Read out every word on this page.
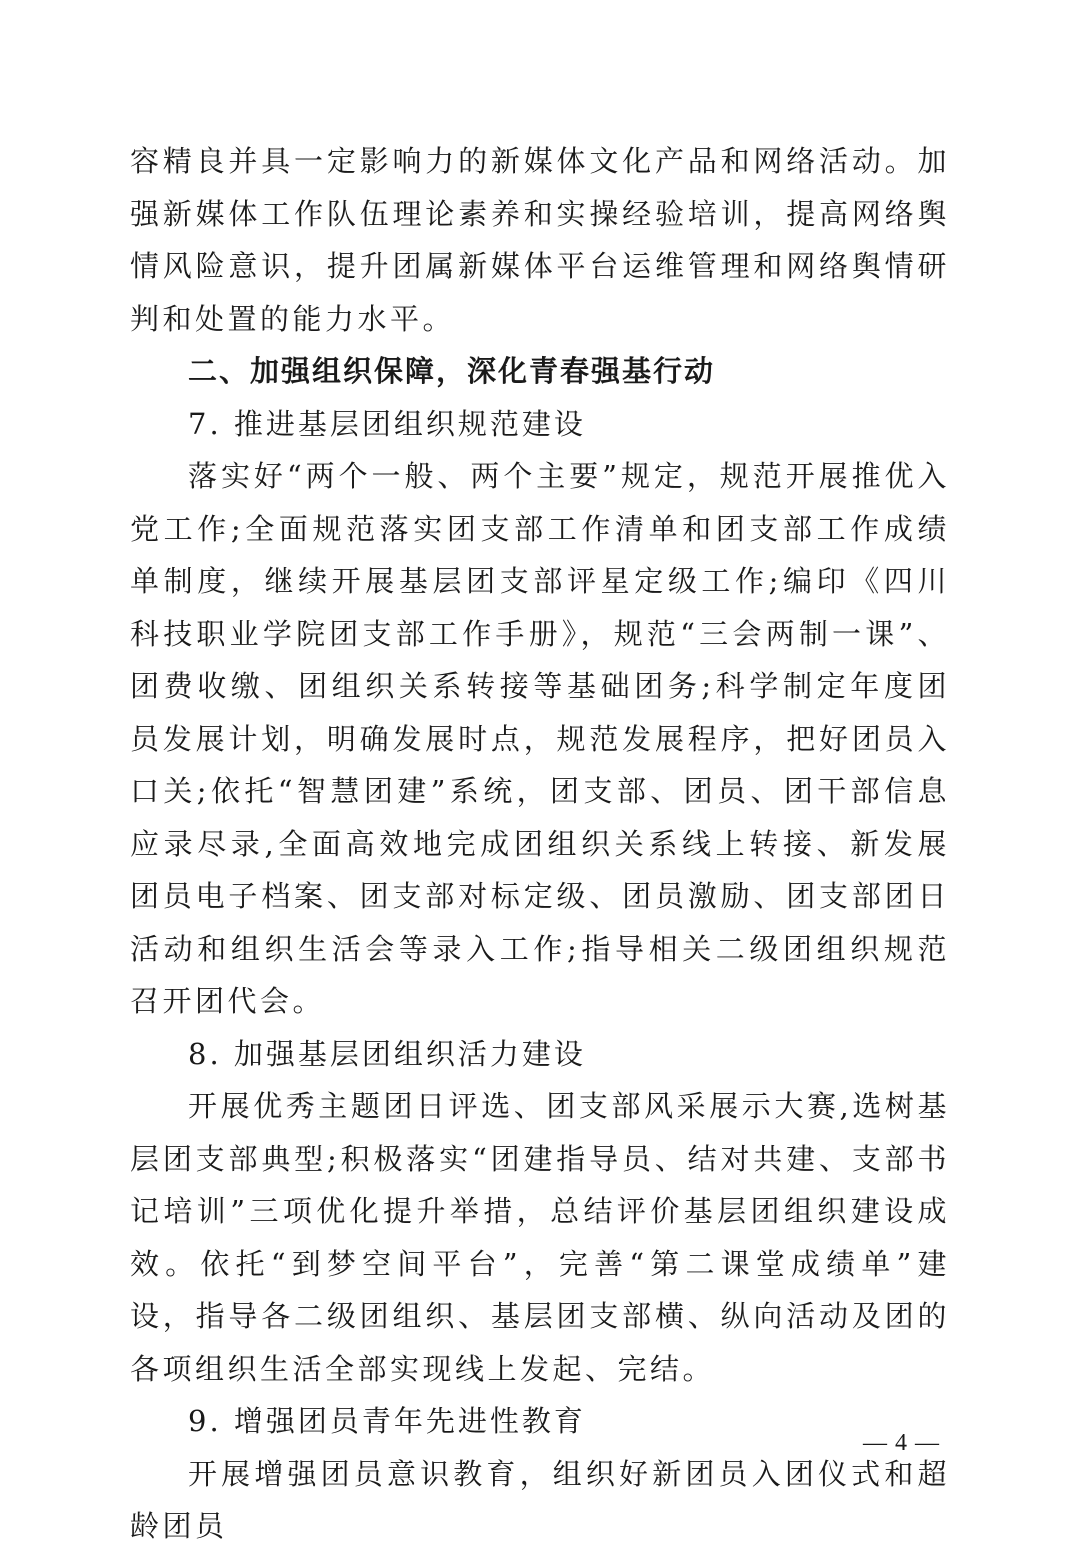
容精良并具一定影响力的新媒体文化产品和网络活动。加强新媒体工作队伍理论素养和实操经验培训，提高网络舆情风险意识，提升团属新媒体平台运维管理和网络舆情研判和处置的能力水平。

二、加强组织保障，深化青春强基行动

7. 推进基层团组织规范建设

落实好“两个一般、两个主要”规定，规范开展推优入党工作;全面规范落实团支部工作清单和团支部工作成绩单制度，继续开展基层团支部评星定级工作;编印《四川科技职业学院团支部工作手册》，规范“三会两制一课”、团费收缴、团组织关系转接等基础团务;科学制定年度团员发展计划，明确发展时点，规范发展程序，把好团员入口关;依托“智慧团建”系统，团支部、团员、团干部信息应录尽录,全面高效地完成团组织关系线上转接、新发展团员电子档案、团支部对标定级、团员激励、团支部团日活动和组织生活会等录入工作;指导相关二级团组织规范召开团代会。

8. 加强基层团组织活力建设

开展优秀主题团日评选、团支部风采展示大赛,选树基层团支部典型;积极落实“团建指导员、结对共建、支部书记培训”三项优化提升举措，总结评价基层团组织建设成效。依托“到梦空间平台”，完善“第二课堂成绩单”建设，指导各二级团组织、基层团支部横、纵向活动及团的各项组织生活全部实现线上发起、完结。

9. 增强团员青年先进性教育

开展增强团员意识教育，组织好新团员入团仪式和超龄团员

— 4 —
